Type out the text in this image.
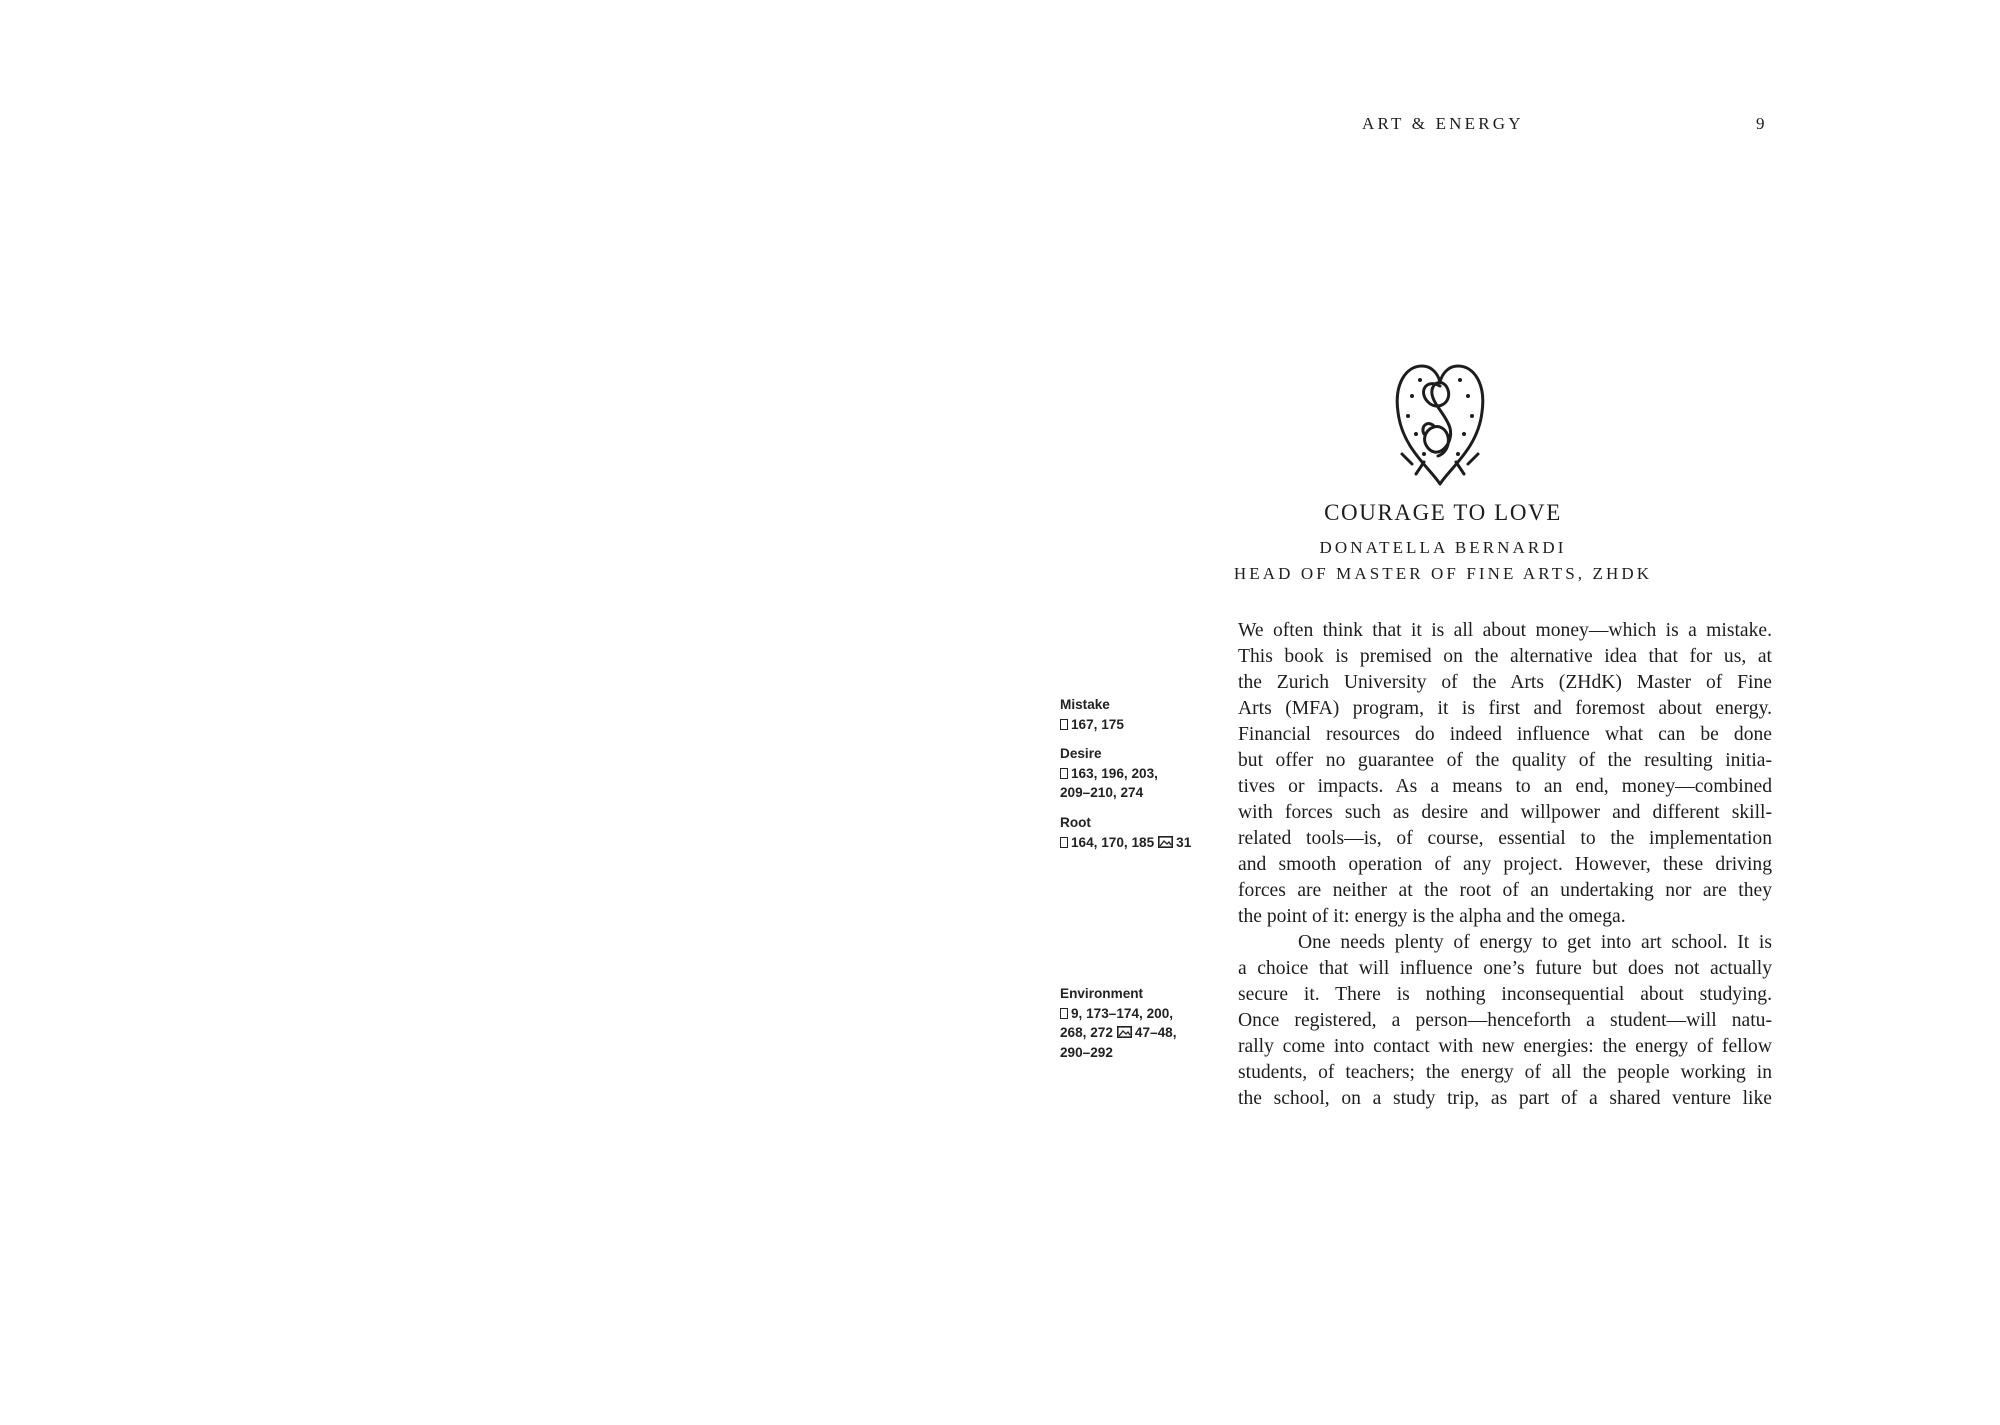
ART & ENERGY	9
COURAGE TO LOVE
DONATELLA BERNARDI
HEAD OF MASTER OF FINE ARTS, ZHDK
We often think that it is all about money—which is a mistake.
This book is premised on the alternative idea that for us, at
the Zurich University of the Arts (ZHdK) Master of Fine
Arts (MFA) program, it is first and foremost about energy.
Financial resources do indeed influence what can be done
but offer no guarantee of the quality of the resulting initia-
tives or impacts. As a means to an end, money—combined
with forces such as desire and willpower and different skill-
related tools—is, of course, essential to the implementation
and smooth operation of any project. However, these driving
forces are neither at the root of an undertaking nor are they
the point of it: energy is the alpha and the omega.
One needs plenty of energy to get into art school. It is
a choice that will influence one’s future but does not actually
secure it. There is nothing inconsequential about studying.
Once registered, a person—henceforth a student—will natu-
rally come into contact with new energies: the energy of fellow
students, of teachers; the energy of all the people working in
the school, on a study trip, as part of a shared venture like
Mistake
167, 175
Desire
163, 196, 203,
209–210, 274
Root
164, 170, 185 31
Environment
9, 173–174, 200,
268, 272 47–48,
290–292
